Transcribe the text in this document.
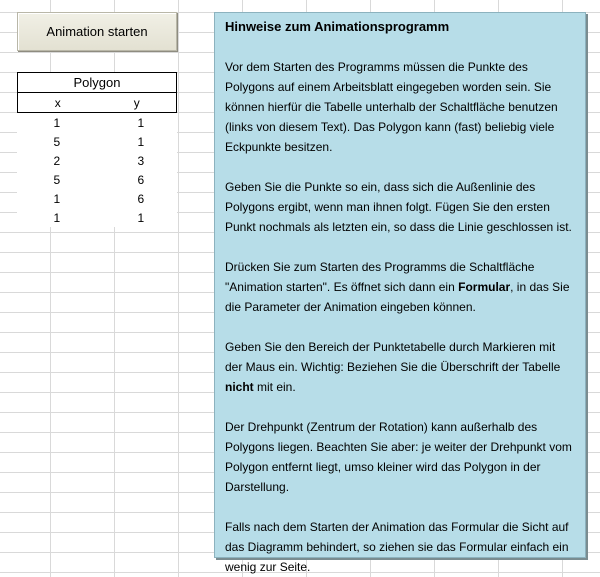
Animation starten
Polygon	
x	y
1	1
5	1
2	3
5	6
1	6
1	1
Hinweise zum Animationsprogramm
Vor dem Starten des Programms müssen die Punkte des Polygons auf einem Arbeitsblatt eingegeben worden sein. Sie können hierfür die Tabelle unterhalb der Schaltfläche benutzen (links von diesem Text). Das Polygon kann (fast) beliebig viele Eckpunkte besitzen.
Geben Sie die Punkte so ein, dass sich die Außenlinie des Polygons ergibt, wenn man ihnen folgt. Fügen Sie den ersten Punkt nochmals als letzten ein, so dass die Linie geschlossen ist.
Drücken Sie zum Starten des Programms die Schaltfläche "Animation starten". Es öffnet sich dann ein Formular, in das Sie die Parameter der Animation eingeben können.
Geben Sie den Bereich der Punktetabelle durch Markieren mit der Maus ein. Wichtig: Beziehen Sie die Überschrift der Tabelle nicht mit ein.
Der Drehpunkt (Zentrum der Rotation) kann außerhalb des Polygons liegen. Beachten Sie aber: je weiter der Drehpunkt vom Polygon entfernt liegt, umso kleiner wird das Polygon in der Darstellung.
Falls nach dem Starten der Animation das Formular die Sicht auf das Diagramm behindert, so ziehen sie das Formular einfach ein wenig zur Seite.
